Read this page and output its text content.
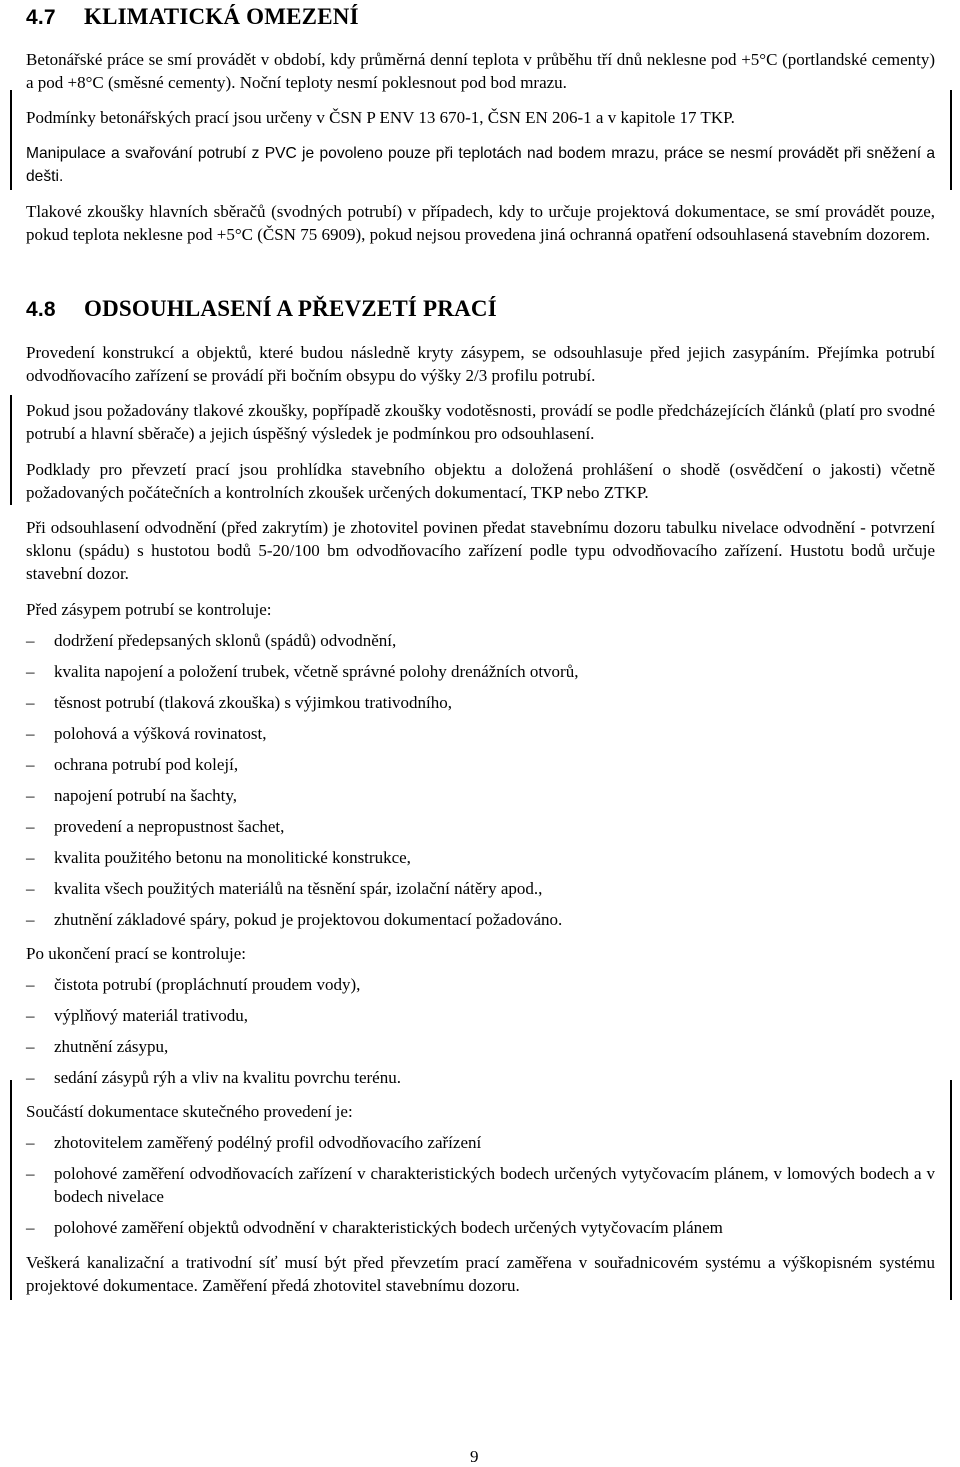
4.7 KLIMATICKÁ OMEZENÍ

Betonářské práce se smí provádět v období, kdy průměrná denní teplota v průběhu tří dnů neklesne pod +5°C (portlandské cementy) a pod +8°C (směsné cementy). Noční teploty nesmí poklesnout pod bod mrazu.

Podmínky betonářských prací jsou určeny v ČSN P ENV 13 670-1, ČSN EN 206-1 a v kapitole 17 TKP.

Manipulace a svařování potrubí z PVC je povoleno pouze při teplotách nad bodem mrazu, práce se nesmí provádět při sněžení a dešti.

Tlakové zkoušky hlavních sběračů (svodných potrubí) v případech, kdy to určuje projektová dokumentace, se smí provádět pouze, pokud teplota neklesne pod +5°C (ČSN 75 6909), pokud nejsou provedena jiná ochranná opatření odsouhlasená stavebním dozorem.

4.8 ODSOUHLASENÍ A PŘEVZETÍ PRACÍ

Provedení konstrukcí a objektů, které budou následně kryty zásypem, se odsouhlasuje před jejich zasypáním. Přejímka potrubí odvodňovacího zařízení se provádí při bočním obsypu do výšky 2/3 profilu potrubí.

Pokud jsou požadovány tlakové zkoušky, popřípadě zkoušky vodotěsnosti, provádí se podle předcházejících článků (platí pro svodné potrubí a hlavní sběrače) a jejich úspěšný výsledek je podmínkou pro odsouhlasení.

Podklady pro převzetí prací jsou prohlídka stavebního objektu a doložená prohlášení o shodě (osvědčení o jakosti) včetně požadovaných počátečních a kontrolních zkoušek určených dokumentací, TKP nebo ZTKP.

Při odsouhlasení odvodnění (před zakrytím) je zhotovitel povinen předat stavebnímu dozoru tabulku nivelace odvodnění - potvrzení sklonu (spádu) s hustotou bodů 5-20/100 bm odvodňovacího zařízení podle typu odvodňovacího zařízení. Hustotu bodů určuje stavební dozor.

Před zásypem potrubí se kontroluje:

– dodržení předepsaných sklonů (spádů) odvodnění,
– kvalita napojení a položení trubek, včetně správné polohy drenážních otvorů,
– těsnost potrubí (tlaková zkouška) s výjimkou trativodního,
– polohová a výšková rovinatost,
– ochrana potrubí pod kolejí,
– napojení potrubí na šachty,
– provedení a nepropustnost šachet,
– kvalita použitého betonu na monolitické konstrukce,
– kvalita všech použitých materiálů na těsnění spár, izolační nátěry apod.,
– zhutnění základové spáry, pokud je projektovou dokumentací požadováno.

Po ukončení prací se kontroluje:

– čistota potrubí (propláchnutí proudem vody),
– výplňový materiál trativodu,
– zhutnění zásypu,
– sedání zásypů rýh a vliv na kvalitu povrchu terénu.

Součástí dokumentace skutečného provedení je:

– zhotovitelem zaměřený podélný profil odvodňovacího zařízení
– polohové zaměření odvodňovacích zařízení v charakteristických bodech určených vytyčovacím plánem, v lomových bodech a v bodech nivelace
– polohové zaměření objektů odvodnění v charakteristických bodech určených vytyčovacím plánem

Veškerá kanalizační a trativodní síť musí být před převzetím prací zaměřena v souřadnicovém systému a výškopisném systému projektové dokumentace. Zaměření předá zhotovitel stavebnímu dozoru.

9
